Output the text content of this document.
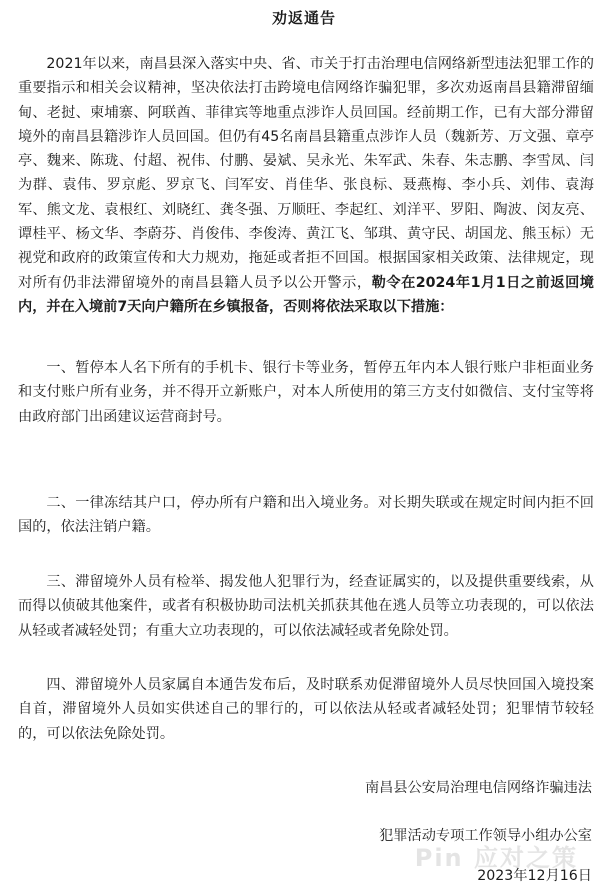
劝返通告

2021年以来，南昌县深入落实中央、省、市关于打击治理电信网络新型违法犯罪工作的重要指示和相关会议精神，坚决依法打击跨境电信网络诈骗犯罪，多次劝返南昌县籍滞留缅甸、老挝、柬埔寨、阿联酋、菲律宾等地重点涉诈人员回国。经前期工作，已有大部分滞留境外的南昌县籍涉诈人员回国。但仍有45名南昌县籍重点涉诈人员（魏新芳、万文强、章亭亭、魏来、陈珑、付超、祝伟、付鹏、晏斌、吴永光、朱军武、朱春、朱志鹏、李雪凤、闫为群、袁伟、罗京彪、罗京飞、闫军安、肖佳华、张良标、聂燕梅、李小兵、刘伟、袁海军、熊文龙、袁根红、刘晓红、龚冬强、万顺旺、李起红、刘洋平、罗阳、陶波、闵友亮、谭桂平、杨文华、李蔚芬、肖俊伟、李俊涛、黄江飞、邹琪、黄守民、胡国龙、熊玉标）无视党和政府的政策宣传和大力规劝，拖延或者拒不回国。根据国家相关政策、法律规定，现对所有仍非法滞留境外的南昌县籍人员予以公开警示，勒令在2024年1月1日之前返回境内，并在入境前7天向户籍所在乡镇报备，否则将依法采取以下措施：

一、暂停本人名下所有的手机卡、银行卡等业务，暂停五年内本人银行账户非柜面业务和支付账户所有业务，并不得开立新账户，对本人所使用的第三方支付如微信、支付宝等将由政府部门出函建议运营商封号。

二、一律冻结其户口，停办所有户籍和出入境业务。对长期失联或在规定时间内拒不回国的，依法注销户籍。

三、滞留境外人员有检举、揭发他人犯罪行为，经查证属实的，以及提供重要线索，从而得以侦破其他案件，或者有积极协助司法机关抓获其他在逃人员等立功表现的，可以依法从轻或者减轻处罚；有重大立功表现的，可以依法减轻或者免除处罚。

四、滞留境外人员家属自本通告发布后，及时联系劝促滞留境外人员尽快回国入境投案自首，滞留境外人员如实供述自己的罪行的，可以依法从轻或者减轻处罚；犯罪情节较轻的，可以依法免除处罚。

南昌县公安局治理电信网络诈骗违法
犯罪活动专项工作领导小组办公室
2023年12月16日
Pin 应对之策
